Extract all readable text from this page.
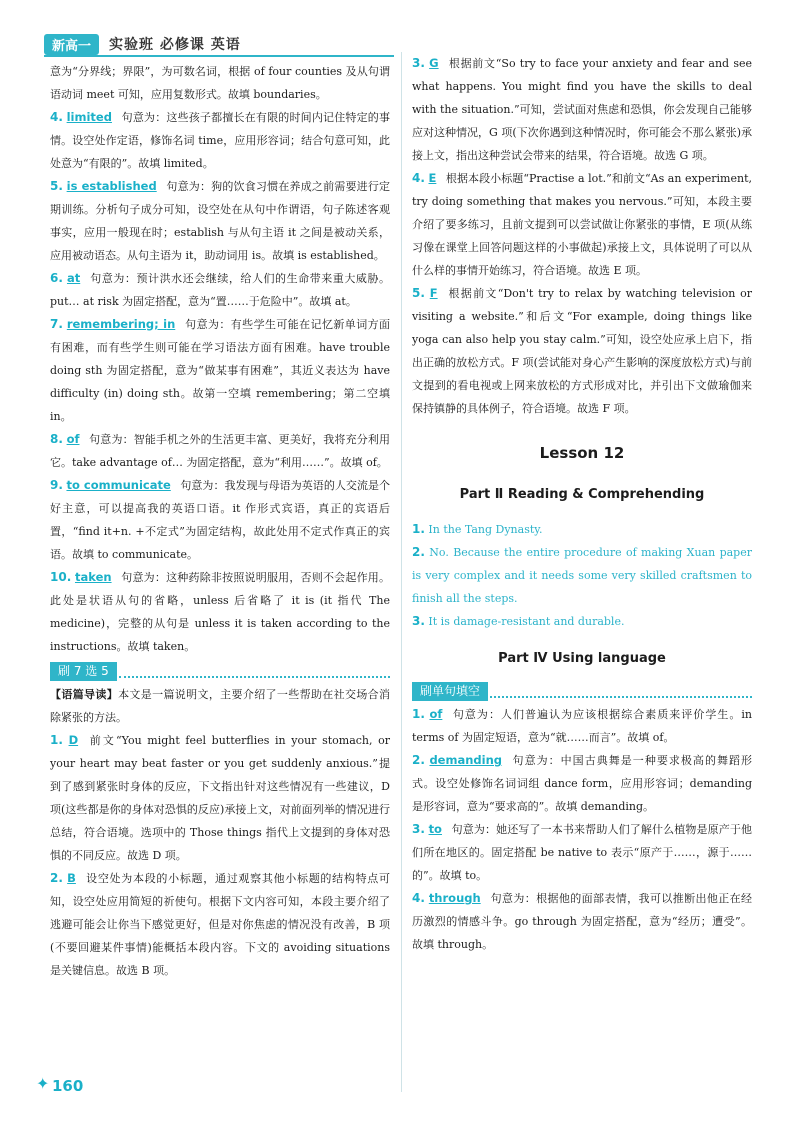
新高一	实验班 必修课 英语
意为“分界线；界限”，为可数名词，根据 of four counties 及从句谓语动词 meet 可知，应用复数形式。故填 boundaries。
4. limited 句意为：这些孩子都擅长在有限的时间内记住特定的事情。设空处作定语，修饰名词 time，应用形容词；结合句意可知，此处意为“有限的”。故填 limited。
5. is established 句意为：狗的饮食习惯在养成之前需要进行定期训练。分析句子成分可知，设空处在从句中作谓语，句子陈述客观事实，应用一般现在时；establish 与从句主语 it 之间是被动关系，应用被动语态。从句主语为 it，助动词用 is。故填 is established。
6. at 句意为：预计洪水还会继续，给人们的生命带来重大威胁。put… at risk 为固定搭配，意为“置……于危险中”。故填 at。
7. remembering; in 句意为：有些学生可能在记忆新单词方面有困难，而有些学生则可能在学习语法方面有困难。have trouble doing sth 为固定搭配，意为“做某事有困难”，其近义表达为 have difficulty (in) doing sth。故第一空填 remembering；第二空填 in。
8. of 句意为：智能手机之外的生活更丰富、更美好，我将充分利用它。take advantage of… 为固定搭配，意为“利用……”。故填 of。
9. to communicate 句意为：我发现与母语为英语的人交流是个好主意，可以提高我的英语口语。it 作形式宾语，真正的宾语后置，“find it+n. +不定式”为固定结构，故此处用不定式作真正的宾语。故填 to communicate。
10. taken 句意为：这种药除非按照说明服用，否则不会起作用。此处是状语从句的省略，unless 后省略了 it is (it 指代 The medicine)，完整的从句是 unless it is taken according to the instructions。故填 taken。
刷 7 选 5
【语篇导读】本文是一篇说明文，主要介绍了一些帮助在社交场合消除紧张的方法。
1. D 前文“You might feel butterflies in your stomach, or your heart may beat faster or you get suddenly anxious.”提到了感到紧张时身体的反应，下文指出针对这些情况有一些建议，D 项(这些都是你的身体对恐惧的反应)承接上文，对前面列举的情况进行总结，符合语境。选项中的 Those things 指代上文提到的身体对恐惧的不同反应。故选 D 项。
2. B 设空处为本段的小标题，通过观察其他小标题的结构特点可知，设空处应用简短的祈使句。根据下文内容可知，本段主要介绍了逃避可能会让你当下感觉更好，但是对你焦虑的情况没有改善，B 项(不要回避某件事情)能概括本段内容。下文的 avoiding situations 是关键信息。故选 B 项。
✦ 160
3. G 根据前文“So try to face your anxiety and fear and see what happens. You might find you have the skills to deal with the situation.”可知，尝试面对焦虑和恐惧，你会发现自己能够应对这种情况，G 项(下次你遇到这种情况时，你可能会不那么紧张)承接上文，指出这种尝试会带来的结果，符合语境。故选 G 项。
4. E 根据本段小标题“Practise a lot.”和前文“As an experiment, try doing something that makes you nervous.”可知，本段主要介绍了要多练习，且前文提到可以尝试做让你紧张的事情，E 项(从练习像在课堂上回答问题这样的小事做起)承接上文，具体说明了可以从什么样的事情开始练习，符合语境。故选 E 项。
5. F 根据前文“Don't try to relax by watching television or visiting a website.”和后文“For example, doing things like yoga can also help you stay calm.”可知，设空处应承上启下，指出正确的放松方式。F 项(尝试能对身心产生影响的深度放松方式)与前文提到的看电视或上网来放松的方式形成对比，并引出下文做瑜伽来保持镇静的具体例子，符合语境。故选 F 项。
Lesson 12
Part Ⅱ Reading & Comprehending
1. In the Tang Dynasty.
2. No. Because the entire procedure of making Xuan paper is very complex and it needs some very skilled craftsmen to finish all the steps.
3. It is damage-resistant and durable.
Part Ⅳ Using language
刷单句填空
1. of 句意为：人们普遍认为应该根据综合素质来评价学生。in terms of 为固定短语，意为“就……而言”。故填 of。
2. demanding 句意为：中国古典舞是一种要求极高的舞蹈形式。设空处修饰名词词组 dance form，应用形容词；demanding 是形容词，意为“要求高的”。故填 demanding。
3. to 句意为：她还写了一本书来帮助人们了解什么植物是原产于他们所在地区的。固定搭配 be native to 表示“原产于……，源于……的”。故填 to。
4. through 句意为：根据他的面部表情，我可以推断出他正在经历激烈的情感斗争。go through 为固定搭配，意为“经历；遭受”。故填 through。
